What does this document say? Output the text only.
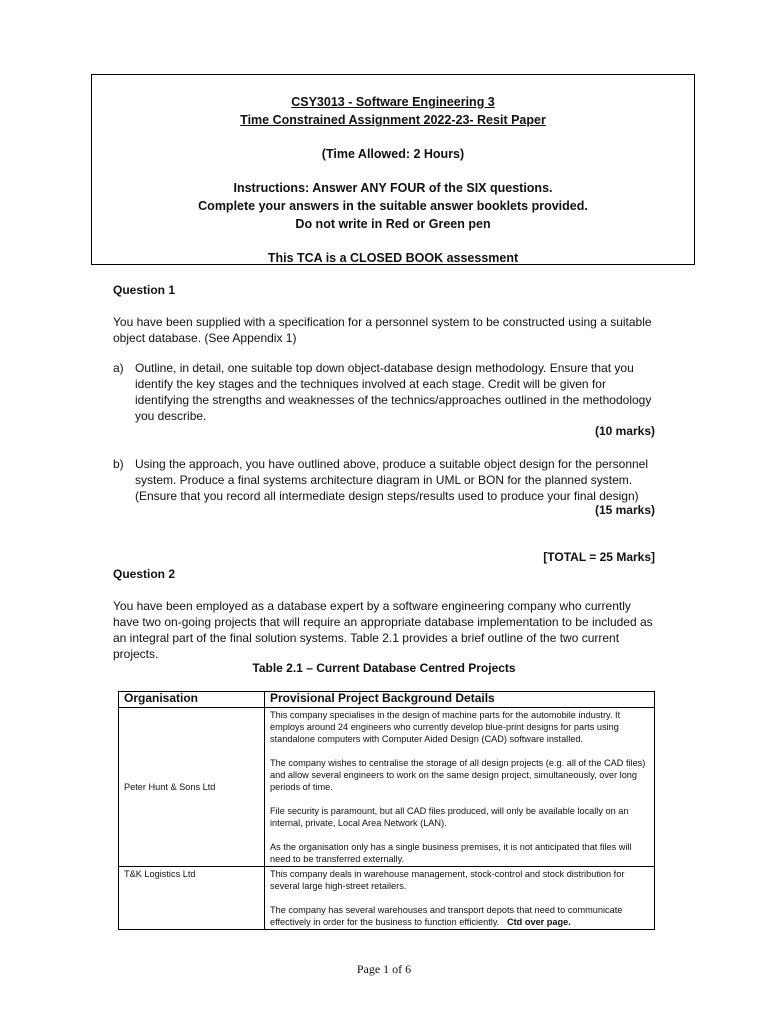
CSY3013 - Software Engineering 3
Time Constrained Assignment 2022-23- Resit Paper
(Time Allowed: 2 Hours)
Instructions: Answer ANY FOUR of the SIX questions.
Complete your answers in the suitable answer booklets provided.
Do not write in Red or Green pen
This TCA is a CLOSED BOOK assessment
Question 1
You have been supplied with a specification for a personnel system to be constructed using a suitable object database. (See Appendix 1)
a) Outline, in detail, one suitable top down object-database design methodology. Ensure that you identify the key stages and the techniques involved at each stage. Credit will be given for identifying the strengths and weaknesses of the technics/approaches outlined in the methodology you describe.
(10 marks)
b) Using the approach, you have outlined above, produce a suitable object design for the personnel system. Produce a final systems architecture diagram in UML or BON for the planned system. (Ensure that you record all intermediate design steps/results used to produce your final design)
(15 marks)
[TOTAL = 25 Marks]
Question 2
You have been employed as a database expert by a software engineering company who currently have two on-going projects that will require an appropriate database implementation to be included as an integral part of the final solution systems. Table 2.1 provides a brief outline of the two current projects.
Table 2.1 – Current Database Centred Projects
Organisation	Provisional Project Background Details
Peter Hunt & Sons Ltd	This company specialises in the design of machine parts for the automobile industry. It employs around 24 engineers who currently develop blue-print designs for parts using standalone computers with Computer Aided Design (CAD) software installed.

The company wishes to centralise the storage of all design projects (e.g. all of the CAD files) and allow several engineers to work on the same design project, simultaneously, over long periods of time.

File security is paramount, but all CAD files produced, will only be available locally on an internal, private, Local Area Network (LAN).

As the organisation only has a single business premises, it is not anticipated that files will need to be transferred externally.

T&K Logistics Ltd	This company deals in warehouse management, stock-control and stock distribution for several large high-street retailers.

The company has several warehouses and transport depots that need to communicate effectively in order for the business to function efficiently. Ctd over page.

Page 1 of 6
